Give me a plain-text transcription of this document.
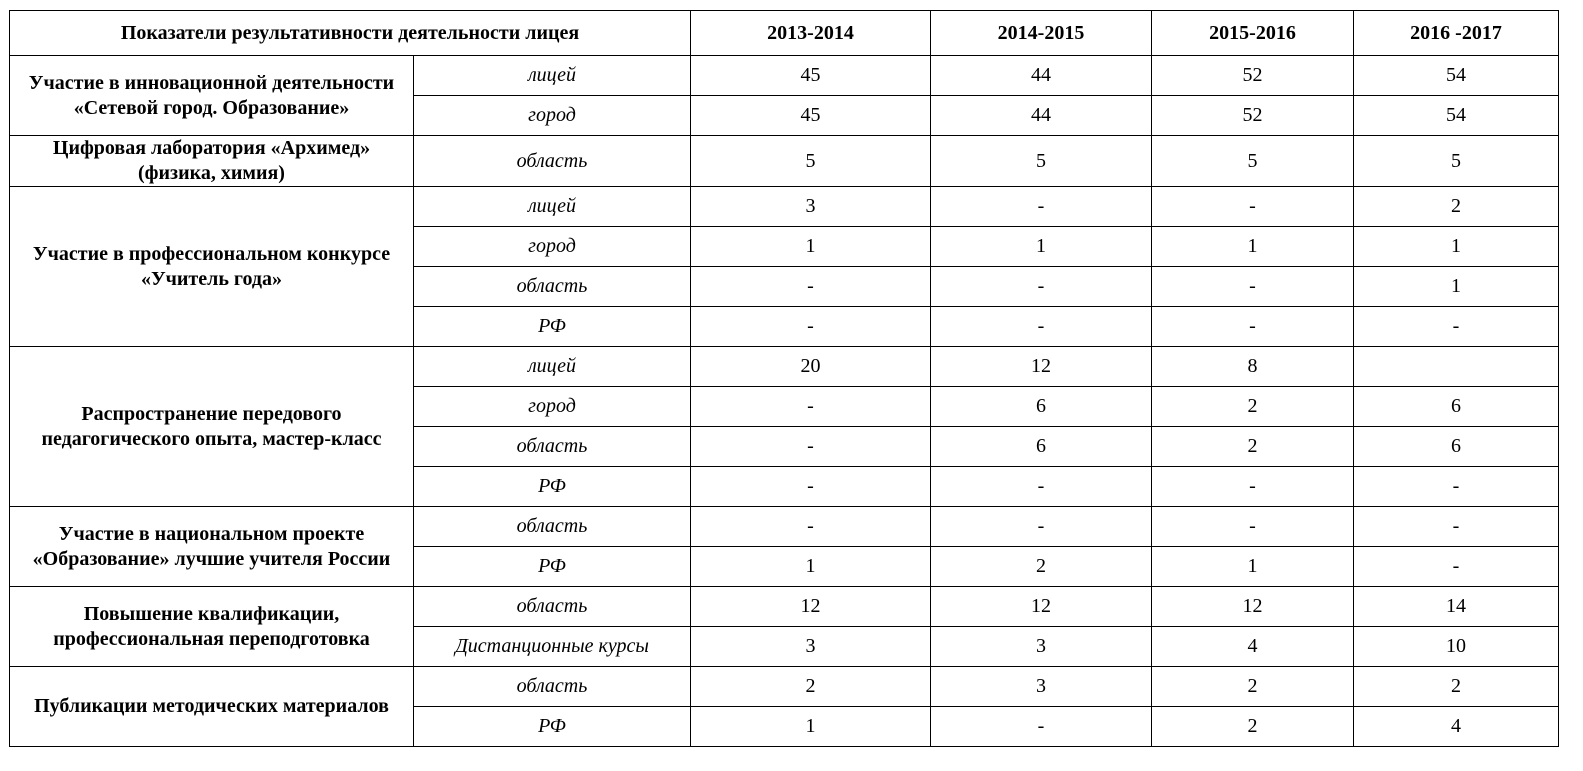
Показатели результативности деятельности лицея		2013-2014	2014-2015	2015-2016	2016 -2017
Участие в инновационной деятельности «Сетевой город. Образование»	лицей	45	44	52	54
	город	45	44	52	54
Цифровая лаборатория «Архимед» (физика, химия)	область	5	5	5	5
Участие в профессиональном конкурсе «Учитель года»	лицей	3	-	-	2
	город	1	1	1	1
	область	-	-	-	1
	РФ	-	-	-	-
Распространение передового педагогического опыта, мастер-класс	лицей	20	12	8	
	город	-	6	2	6
	область	-	6	2	6
	РФ	-	-	-	-
Участие в национальном проекте «Образование» лучшие учителя России	область	-	-	-	-
	РФ	1	2	1	-
Повышение квалификации, профессиональная переподготовка	область	12	12	12	14
	Дистанционные курсы	3	3	4	10
Публикации методических материалов	область	2	3	2	2
	РФ	1	-	2	4
